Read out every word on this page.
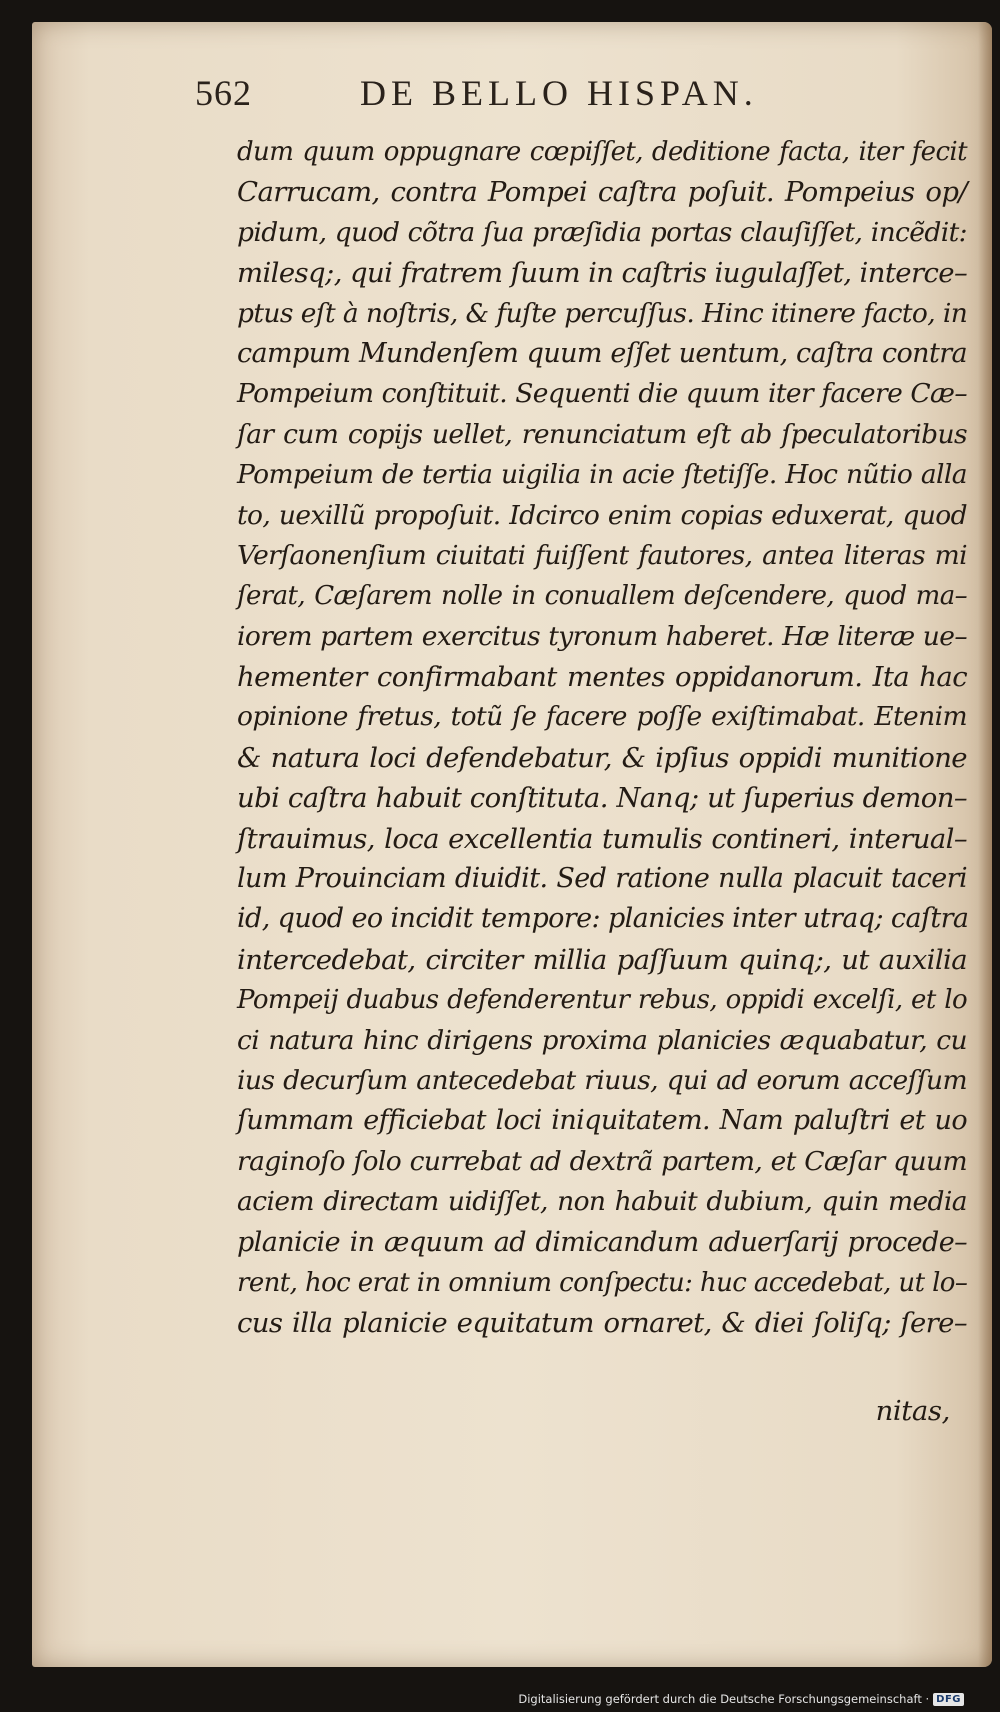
562	DE BELLO HISPAN.
dum quum oppugnare cœpiſſet, deditione facta, iter fecit
Carrucam, contra Pompei caſtra poſuit. Pompeius op/
pidum, quod cõtra ſua præſidia portas clauſiſſet, incẽdit:
milesq;, qui fratrem ſuum in caſtris iugulaſſet, interce–
ptus eſt à noſtris, & fuſte percuſſus. Hinc itinere facto, in
campum Mundenſem quum eſſet uentum, caſtra contra
Pompeium conſtituit. Sequenti die quum iter facere Cæ–
ſar cum copijs uellet, renunciatum eſt ab ſpeculatoribus
Pompeium de tertia uigilia in acie ſtetiſſe. Hoc nũtio alla
to, uexillũ propoſuit. Idcirco enim copias eduxerat, quod
Verſaonenſium ciuitati fuiſſent fautores, antea literas mi
ſerat, Cæſarem nolle in conuallem deſcendere, quod ma–
iorem partem exercitus tyronum haberet. Hæ literæ ue–
hementer confirmabant mentes oppidanorum. Ita hac
opinione fretus, totũ ſe facere poſſe exiſtimabat. Etenim
& natura loci defendebatur, & ipſius oppidi munitione
ubi caſtra habuit conſtituta. Nanq; ut ſuperius demon–
ſtrauimus, loca excellentia tumulis contineri, interual–
lum Prouinciam diuidit. Sed ratione nulla placuit taceri
id, quod eo incidit tempore: planicies inter utraq; caſtra
intercedebat, circiter millia paſſuum quinq;, ut auxilia
Pompeij duabus defenderentur rebus, oppidi excelſi, et lo
ci natura hinc dirigens proxima planicies æquabatur, cu
ius decurſum antecedebat riuus, qui ad eorum acceſſum
ſummam efficiebat loci iniquitatem. Nam paluſtri et uo
raginoſo ſolo currebat ad dextrã partem, et Cæſar quum
aciem directam uidiſſet, non habuit dubium, quin media
planicie in æquum ad dimicandum aduerſarij procede–
rent, hoc erat in omnium conſpectu: huc accedebat, ut lo–
cus illa planicie equitatum ornaret, & diei ſoliſq; ſere–
nitas,
Digitalisierung gefördert durch die Deutsche Forschungsgemeinschaft · DFG
